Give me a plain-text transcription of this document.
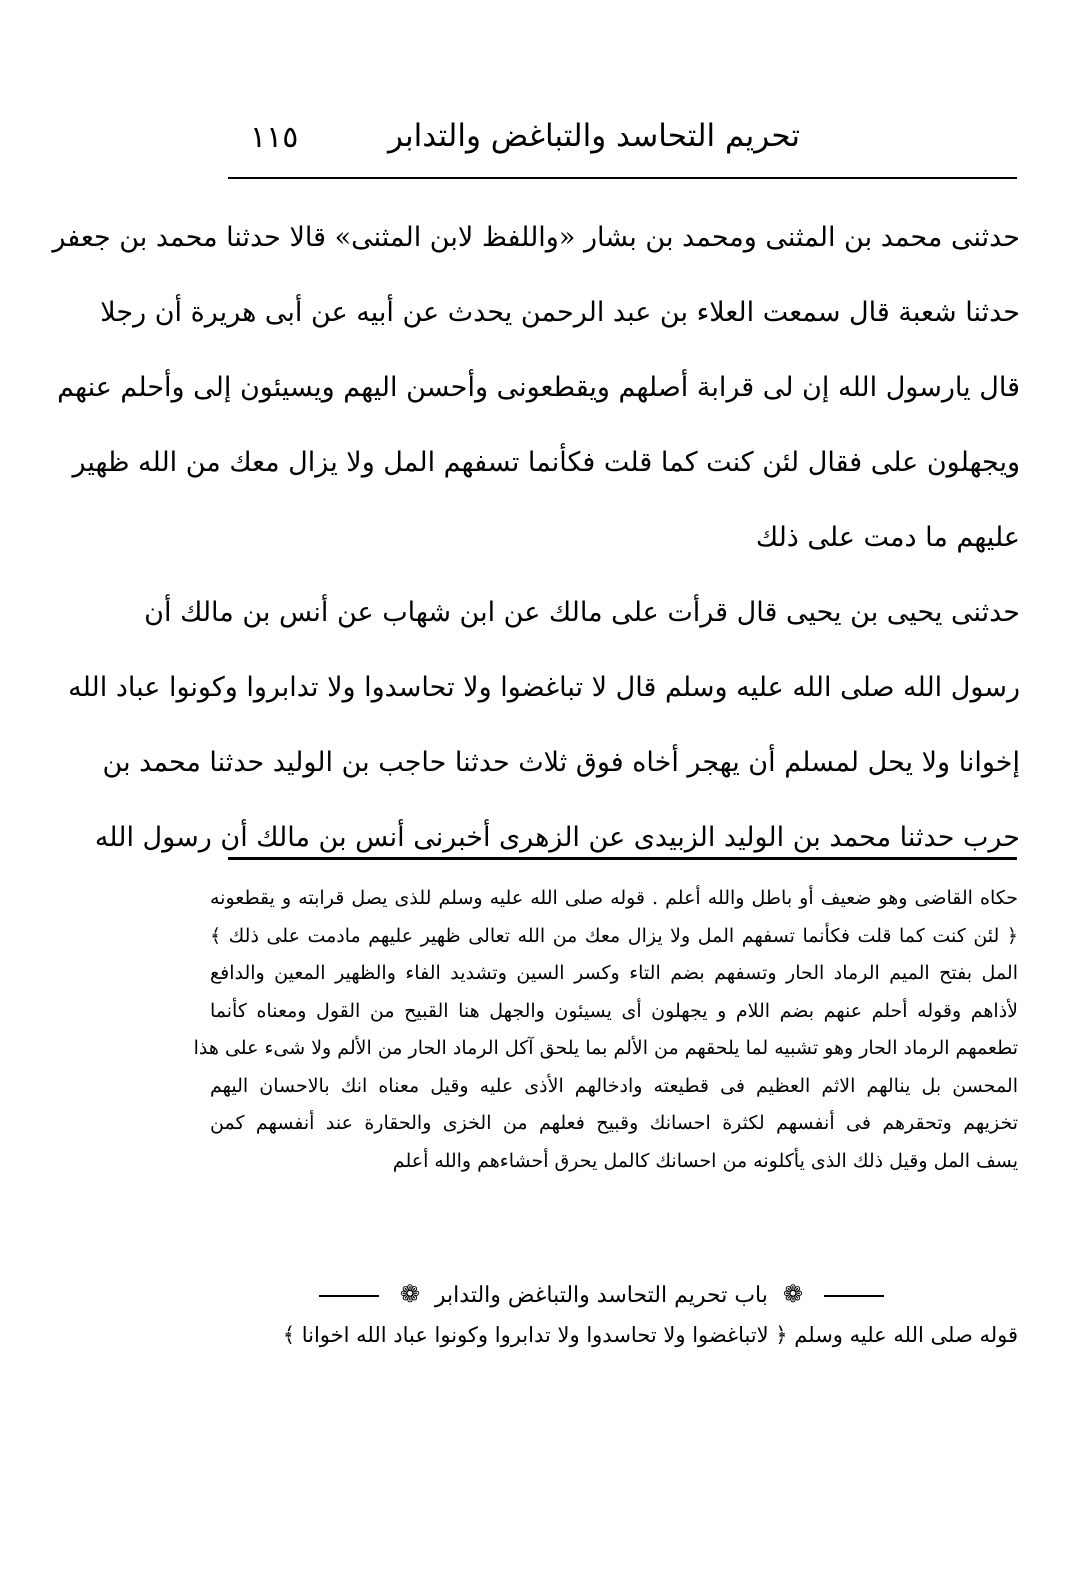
١١٥	تحريم التحاسد والتباغض والتدابر
حدثنى محمد بن المثنى ومحمد بن بشار «واللفظ لابن المثنى» قالا حدثنا محمد بن جعفر
حدثنا شعبة قال سمعت العلاء بن عبد الرحمن يحدث عن أبيه عن أبى هريرة أن رجلا
قال يارسول الله إن لى قرابة أصلهم ويقطعونى وأحسن اليهم ويسيئون إلى وأحلم عنهم
ويجهلون على فقال لئن كنت كما قلت فكأنما تسفهم المل ولا يزال معك من الله ظهير
عليهم ما دمت على ذلك
حدثنى يحيى بن يحيى قال قرأت على مالك عن ابن شهاب عن أنس بن مالك أن
رسول الله صلى الله عليه وسلم قال لا تباغضوا ولا تحاسدوا ولا تدابروا وكونوا عباد الله
إخوانا ولا يحل لمسلم أن يهجر أخاه فوق ثلاث حدثنا حاجب بن الوليد حدثنا محمد بن
حرب حدثنا محمد بن الوليد الزبيدى عن الزهرى أخبرنى أنس بن مالك أن رسول الله
حكاه القاضى وهو ضعيف أو باطل والله أعلم . قوله صلى الله عليه وسلم للذى يصل قرابته و يقطعونه
﴿ لئن كنت كما قلت فكأنما تسفهم المل ولا يزال معك من الله تعالى ظهير عليهم مادمت على ذلك ﴾
المل بفتح الميم الرماد الحار وتسفهم بضم التاء وكسر السين وتشديد الفاء والظهير المعين والدافع
لأذاهم وقوله أحلم عنهم بضم اللام و يجهلون أى يسيئون والجهل هنا القبيح من القول ومعناه كأنما
تطعمهم الرماد الحار وهو تشبيه لما يلحقهم من الألم بما يلحق آكل الرماد الحار من الألم ولا شىء على هذا
المحسن بل ينالهم الاثم العظيم فى قطيعته وادخالهم الأذى عليه وقيل معناه انك بالاحسان اليهم
تخزيهم وتحقرهم فى أنفسهم لكثرة احسانك وقبيح فعلهم من الخزى والحقارة عند أنفسهم كمن
يسف المل وقيل ذلك الذى يأكلونه من احسانك كالمل يحرق أحشاءهم والله أعلم
❁ باب تحريم التحاسد والتباغض والتدابر ❁
قوله صلى الله عليه وسلم ﴿ لاتباغضوا ولا تحاسدوا ولا تدابروا وكونوا عباد الله اخوانا ﴾
